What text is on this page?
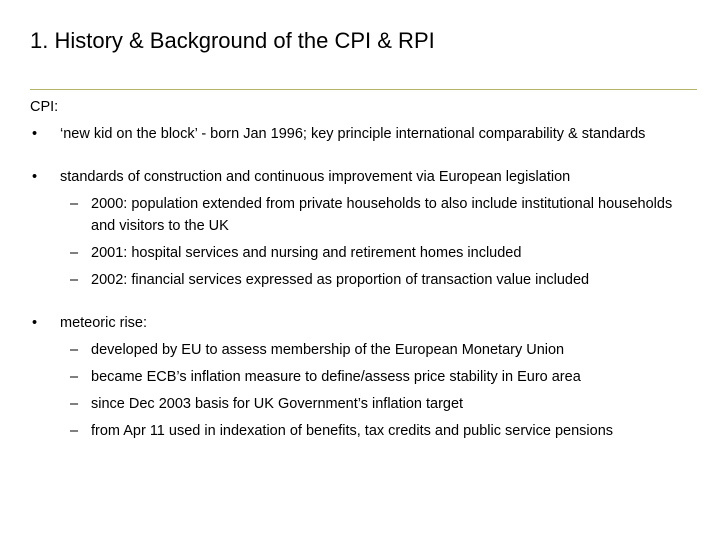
1. History & Background of the CPI & RPI
CPI:
•	‘new kid on the block’ - born Jan 1996; key principle international comparability & standards
•	standards of construction and continuous improvement via European legislation
– 2000: population extended from private households to also include institutional households and visitors to the UK
– 2001: hospital services and nursing and retirement homes included
– 2002: financial services expressed as proportion of transaction value included
•	meteoric rise:
– developed by EU to assess membership of the European Monetary Union
– became ECB’s inflation measure to define/assess price stability in Euro area
– since Dec 2003 basis for UK Government’s inflation target
– from Apr 11 used in indexation of benefits, tax credits and public service pensions
